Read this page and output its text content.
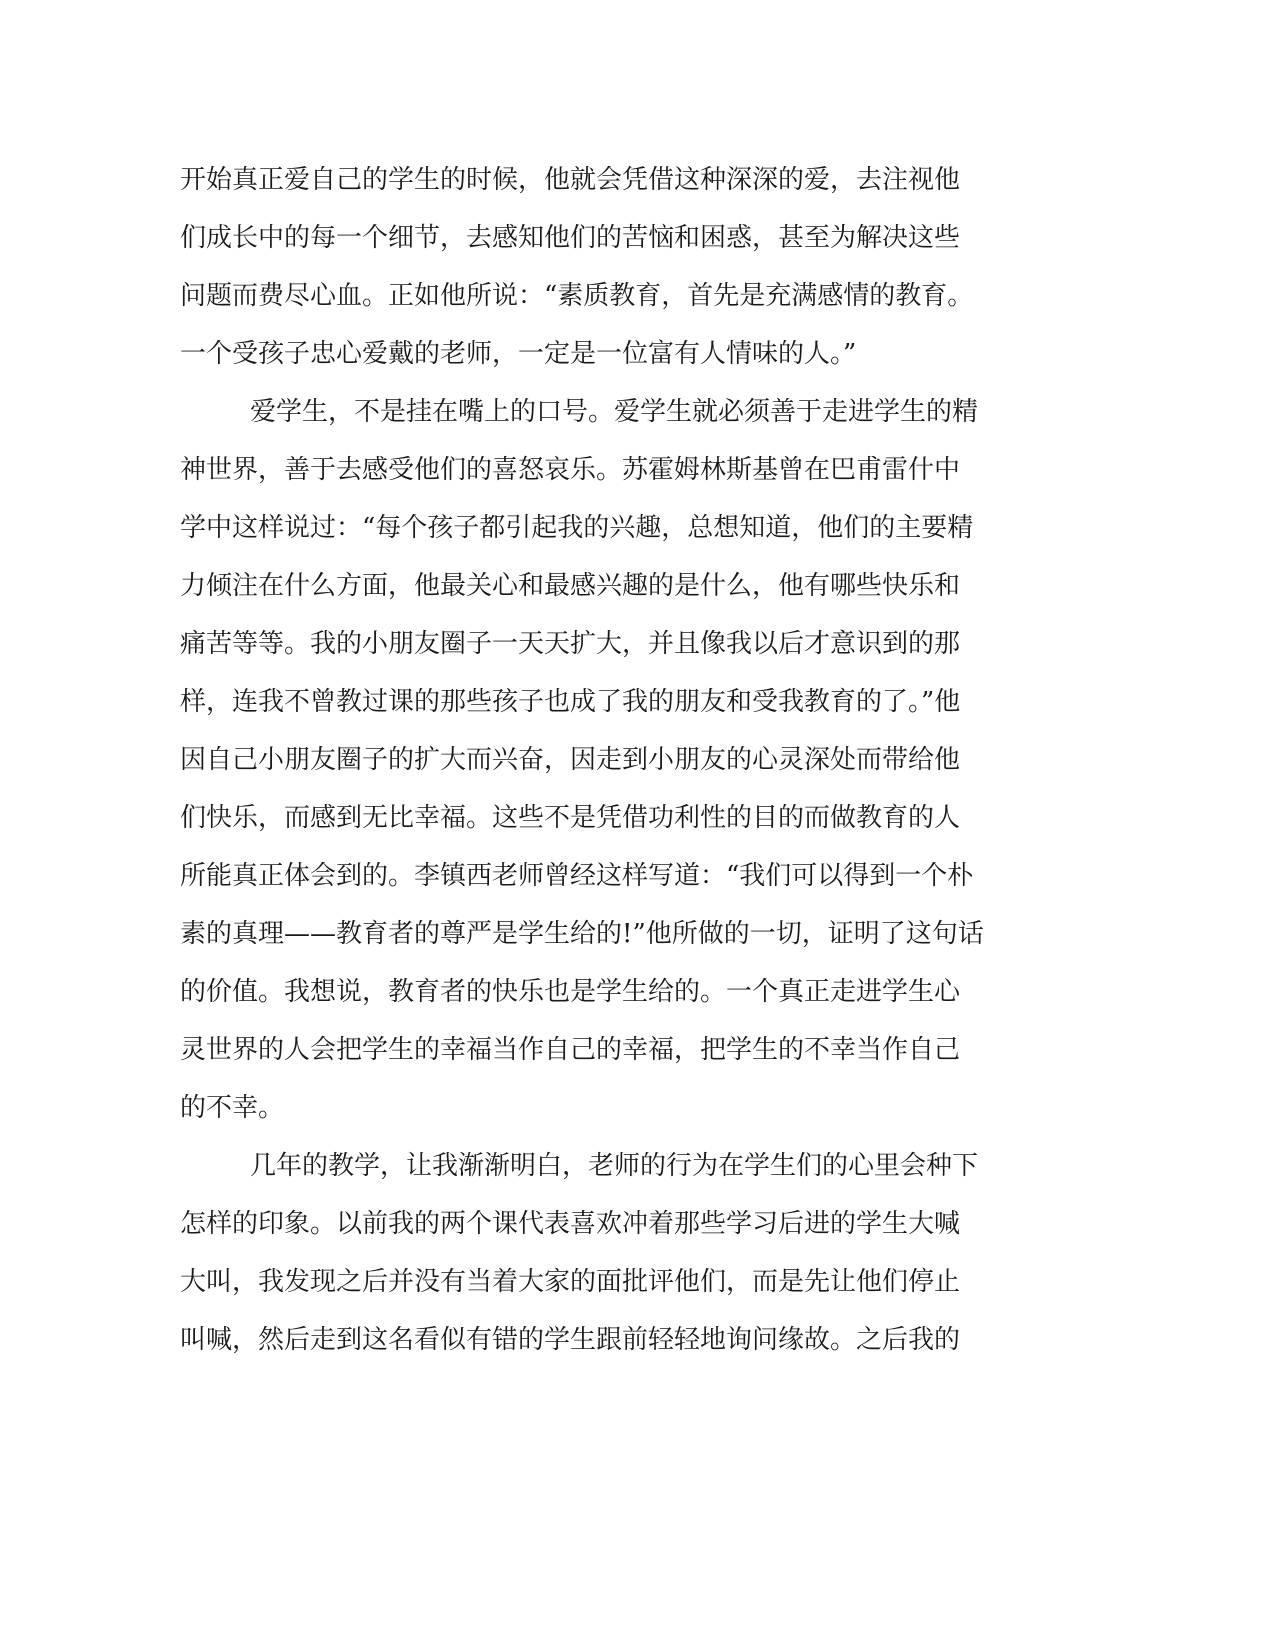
开始真正爱自己的学生的时候，他就会凭借这种深深的爱，去注视他
们成长中的每一个细节，去感知他们的苦恼和困惑，甚至为解决这些
问题而费尽心血。正如他所说：“素质教育，首先是充满感情的教育。
一个受孩子忠心爱戴的老师，一定是一位富有人情味的人。”
爱学生，不是挂在嘴上的口号。爱学生就必须善于走进学生的精
神世界，善于去感受他们的喜怒哀乐。苏霍姆林斯基曾在巴甫雷什中
学中这样说过：“每个孩子都引起我的兴趣，总想知道，他们的主要精
力倾注在什么方面，他最关心和最感兴趣的是什么，他有哪些快乐和
痛苦等等。我的小朋友圈子一天天扩大，并且像我以后才意识到的那
样，连我不曾教过课的那些孩子也成了我的朋友和受我教育的了。”他
因自己小朋友圈子的扩大而兴奋，因走到小朋友的心灵深处而带给他
们快乐，而感到无比幸福。这些不是凭借功利性的目的而做教育的人
所能真正体会到的。李镇西老师曾经这样写道：“我们可以得到一个朴
素的真理——教育者的尊严是学生给的!”他所做的一切，证明了这句话
的价值。我想说，教育者的快乐也是学生给的。一个真正走进学生心
灵世界的人会把学生的幸福当作自己的幸福，把学生的不幸当作自己
的不幸。
几年的教学，让我渐渐明白，老师的行为在学生们的心里会种下
怎样的印象。以前我的两个课代表喜欢冲着那些学习后进的学生大喊
大叫，我发现之后并没有当着大家的面批评他们，而是先让他们停止
叫喊，然后走到这名看似有错的学生跟前轻轻地询问缘故。之后我的
